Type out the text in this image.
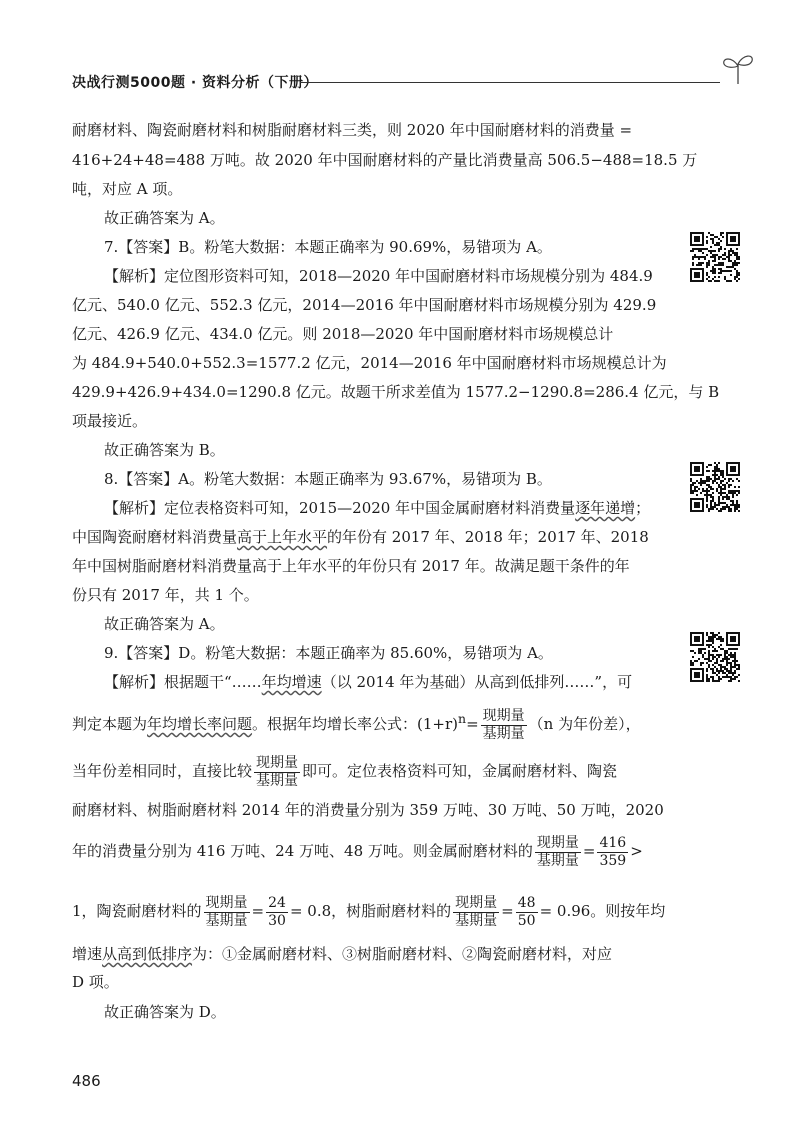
决战行测5000题 · 资料分析（下册）
耐磨材料、陶瓷耐磨材料和树脂耐磨材料三类，则 2020 年中国耐磨材料的消费量 =
416+24+48=488 万吨。故 2020 年中国耐磨材料的产量比消费量高 506.5−488=18.5 万
吨，对应 A 项。
故正确答案为 A。
7.【答案】B。粉笔大数据：本题正确率为 90.69%，易错项为 A。
【解析】定位图形资料可知，2018—2020 年中国耐磨材料市场规模分别为 484.9
亿元、540.0 亿元、552.3 亿元，2014—2016 年中国耐磨材料市场规模分别为 429.9
亿元、426.9 亿元、434.0 亿元。则 2018—2020 年中国耐磨材料市场规模总计
为 484.9+540.0+552.3=1577.2 亿元，2014—2016 年中国耐磨材料市场规模总计为
429.9+426.9+434.0=1290.8 亿元。故题干所求差值为 1577.2−1290.8=286.4 亿元，与 B
项最接近。
故正确答案为 B。
8.【答案】A。粉笔大数据：本题正确率为 93.67%，易错项为 B。
【解析】定位表格资料可知，2015—2020 年中国金属耐磨材料消费量逐年递增；
中国陶瓷耐磨材料消费量高于上年水平的年份有 2017 年、2018 年；2017 年、2018
年中国树脂耐磨材料消费量高于上年水平的年份只有 2017 年。故满足题干条件的年
份只有 2017 年，共 1 个。
故正确答案为 A。
9.【答案】D。粉笔大数据：本题正确率为 85.60%，易错项为 A。
【解析】根据题干“……年均增速（以 2014 年为基础）从高到低排列……”，可
判定本题为年均增长率问题。根据年均增长率公式：$(1+r)^n= \frac{\text{现期量}}{\text{基期量}} (n$ 为年份差），
当年份差相同时，直接比较 $\frac{\text{现期量}}{\text{基期量}}$ 即可。定位表格资料可知，金属耐磨材料、陶瓷
耐磨材料、树脂耐磨材料 2014 年的消费量分别为 359 万吨、30 万吨、50 万吨，2020
年的消费量分别为 416 万吨、24 万吨、48 万吨。则金属耐磨材料的 $\frac{\text{现期量}}{\text{基期量}} = \frac{416}{359}$ >
1，陶瓷耐磨材料的 $\frac{\text{现期量}}{\text{基期量}} = \frac{24}{30} = 0.8$，树脂耐磨材料的 $\frac{\text{现期量}}{\text{基期量}} = \frac{48}{50} = 0.96$。则按年均
增速从高到低排序为：①金属耐磨材料、③树脂耐磨材料、②陶瓷耐磨材料，对应
D 项。
故正确答案为 D。
486
